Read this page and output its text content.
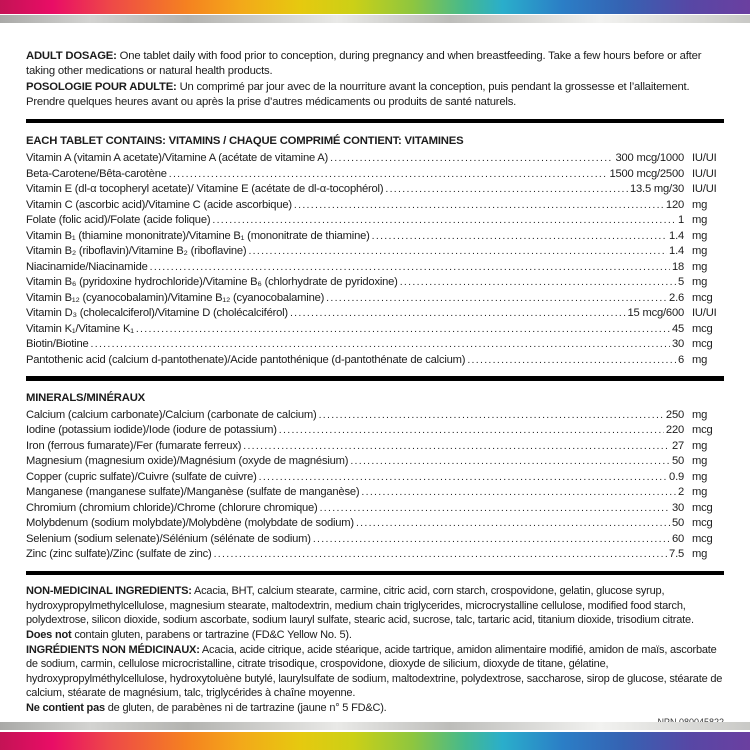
ADULT DOSAGE: One tablet daily with food prior to conception, during pregnancy and when breastfeeding. Take a few hours before or after taking other medications or natural health products.

POSOLOGIE POUR ADULTE: Un comprimé par jour avec de la nourriture avant la conception, puis pendant la grossesse et l’allaitement. Prendre quelques heures avant ou après la prise d’autres médicaments ou produits de santé naturels.

EACH TABLET CONTAINS: VITAMINS / CHAQUE COMPRIMÉ CONTIENT: VITAMINES
Vitamin A (vitamin A acetate)/Vitamine A (acétate de vitamine A) .....	300 mcg/1000 IU/UI
Beta-Carotene/Bêta-carotène .....	1500 mcg/2500 IU/UI
Vitamin E (dl-α tocopheryl acetate)/ Vitamine E (acétate de dl-α-tocophérol) .....	13.5 mg/30 IU/UI
Vitamin C (ascorbic acid)/Vitamine C (acide ascorbique) .....	120 mg
Folate (folic acid)/Folate (acide folique) .....	1 mg
Vitamin B₁ (thiamine mononitrate)/Vitamine B₁ (mononitrate de thiamine) .....	1.4 mg
Vitamin B₂ (riboflavin)/Vitamine B₂ (riboflavine) .....	1.4 mg
Niacinamide/Niacinamide .....	18 mg
Vitamin B₆ (pyridoxine hydrochloride)/Vitamine B₆ (chlorhydrate de pyridoxine) .....	5 mg
Vitamin B₁₂ (cyanocobalamin)/Vitamine B₁₂ (cyanocobalamine) .....	2.6 mcg
Vitamin D₃ (cholecalciferol)/Vitamine D (cholécalciférol) .....	15 mcg/600 IU/UI
Vitamin K₁/Vitamine K₁ .....	45 mcg
Biotin/Biotine .....	30 mcg
Pantothenic acid (calcium d-pantothenate)/Acide pantothénique (d-pantothénate de calcium) .....	6 mg
MINERALS/MINÉRAUX
Calcium (calcium carbonate)/Calcium (carbonate de calcium) .....	250 mg
Iodine (potassium iodide)/Iode (iodure de potassium) .....	220 mcg
Iron (ferrous fumarate)/Fer (fumarate ferreux) .....	27 mg
Magnesium (magnesium oxide)/Magnésium (oxyde de magnésium) .....	50 mg
Copper (cupric sulfate)/Cuivre (sulfate de cuivre) .....	0.9 mg
Manganese (manganese sulfate)/Manganèse (sulfate de manganèse) .....	2 mg
Chromium (chromium chloride)/Chrome (chlorure chromique) .....	30 mcg
Molybdenum (sodium molybdate)/Molybdène (molybdate de sodium) .....	50 mcg
Selenium (sodium selenate)/Sélénium (sélénate de sodium) .....	60 mcg
Zinc (zinc sulfate)/Zinc (sulfate de zinc) .....	7.5 mg

NON-MEDICINAL INGREDIENTS: Acacia, BHT, calcium stearate, carmine, citric acid, corn starch, crospovidone, gelatin, glucose syrup, hydroxypropylmethylcellulose, magnesium stearate, maltodextrin, medium chain triglycerides, microcrystalline cellulose, modified food starch, polydextrose, silicon dioxide, sodium ascorbate, sodium lauryl sulfate, stearic acid, sucrose, talc, tartaric acid, titanium dioxide, trisodium citrate.

Does not contain gluten, parabens or tartrazine (FD&C Yellow No. 5).

INGRÉDIENTS NON MÉDICINAUX: Acacia, acide citrique, acide stéarique, acide tartrique, amidon alimentaire modifié, amidon de maïs, ascorbate de sodium, carmin, cellulose microcristalline, citrate trisodique, crospovidone, dioxyde de silicium, dioxyde de titane, gélatine, hydroxypropylméthylcellulose, hydroxytoluène butylé, laurylsulfate de sodium, maltodextrine, polydextrose, saccharose, sirop de glucose, stéarate de calcium, stéarate de magnésium, talc, triglycérides à chaîne moyenne.

Ne contient pas de gluten, de parabènes ni de tartrazine (jaune n° 5 FD&C).
